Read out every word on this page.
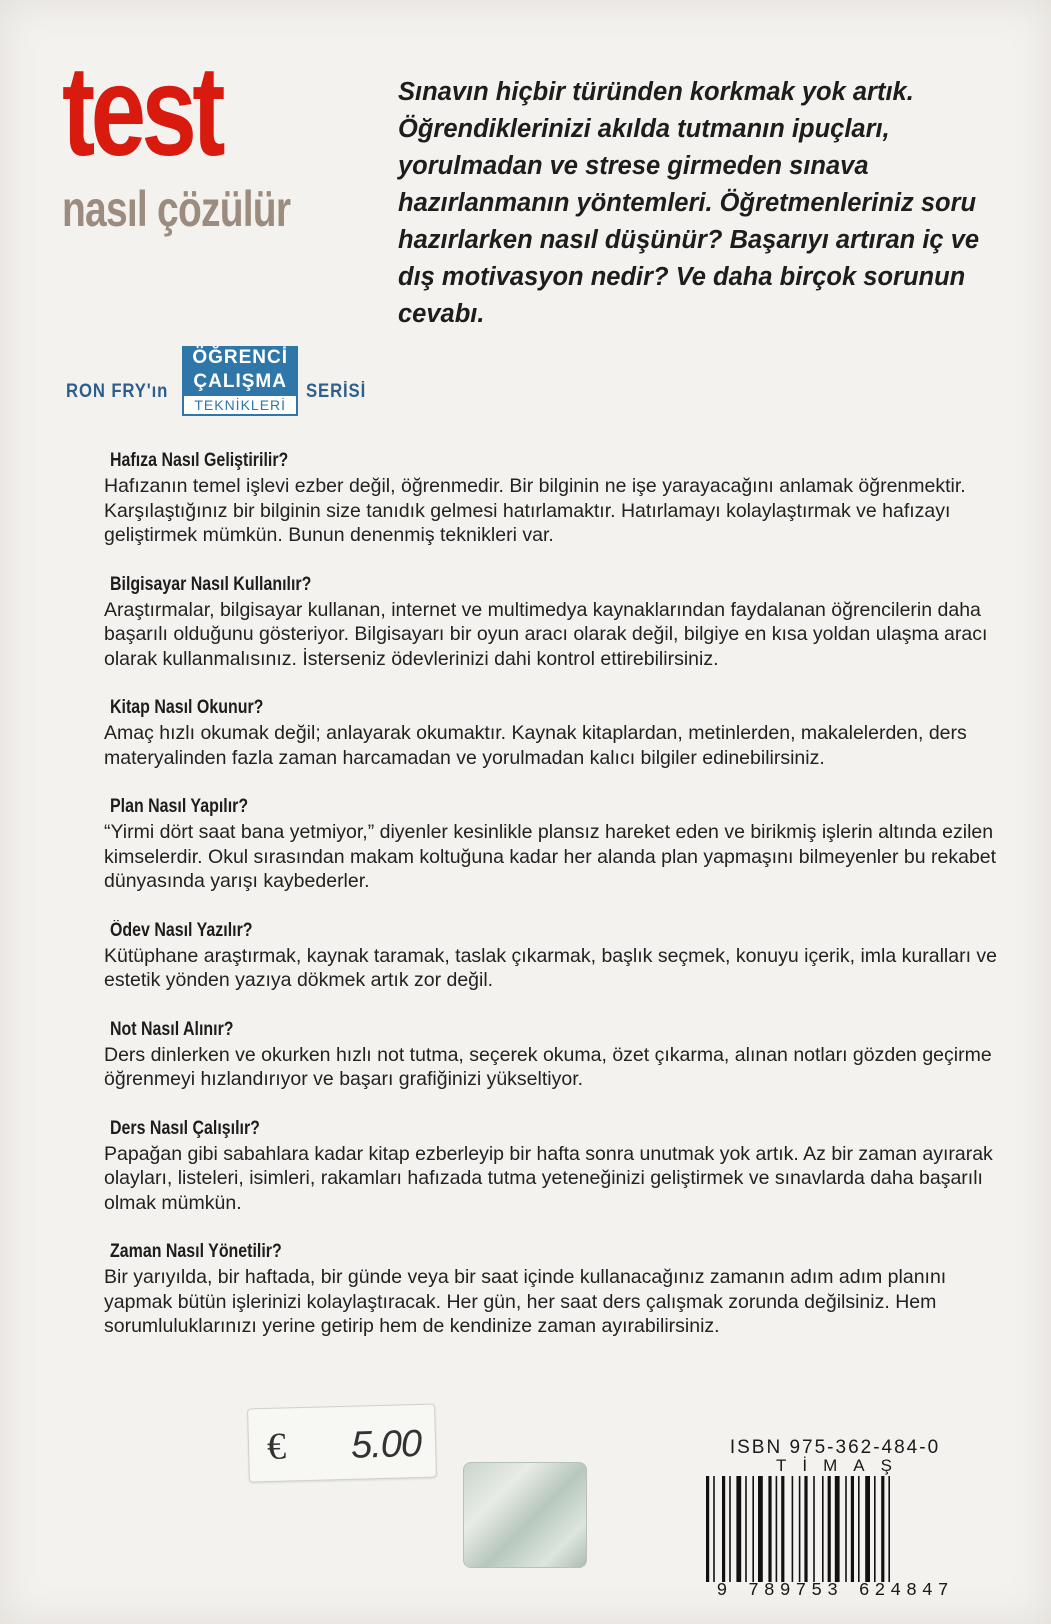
test
nasıl çözülür

Sınavın hiçbir türünden korkmak yok artık. Öğrendiklerinizi akılda tutmanın ipuçları, yorulmadan ve strese girmeden sınava hazırlanmanın yöntemleri. Öğretmenleriniz soru hazırlarken nasıl düşünür? Başarıyı artıran iç ve dış motivasyon nedir? Ve daha birçok sorunun cevabı.

RON FRY'ın
ÖĞRENCİ
ÇALIŞMA
TEKNİKLERİ
SERİSİ
Hafıza Nasıl Geliştirilir?

Hafızanın temel işlevi ezber değil, öğrenmedir. Bir bilginin ne işe yarayacağını anlamak öğrenmektir. Karşılaştığınız bir bilginin size tanıdık gelmesi hatırlamaktır. Hatırlamayı kolaylaştırmak ve hafızayı geliştirmek mümkün. Bunun denenmiş teknikleri var.

Bilgisayar Nasıl Kullanılır?

Araştırmalar, bilgisayar kullanan, internet ve multimedya kaynaklarından faydalanan öğrencilerin daha başarılı olduğunu gösteriyor. Bilgisayarı bir oyun aracı olarak değil, bilgiye en kısa yoldan ulaşma aracı olarak kullanmalısınız. İsterseniz ödevlerinizi dahi kontrol ettirebilirsiniz.

Kitap Nasıl Okunur?

Amaç hızlı okumak değil; anlayarak okumaktır. Kaynak kitaplardan, metinlerden, makalelerden, ders materyalinden fazla zaman harcamadan ve yorulmadan kalıcı bilgiler edinebilirsiniz.

Plan Nasıl Yapılır?

“Yirmi dört saat bana yetmiyor,” diyenler kesinlikle plansız hareket eden ve birikmiş işlerin altında ezilen kimselerdir. Okul sırasından makam koltuğuna kadar her alanda plan yapmaşını bilmeyenler bu rekabet dünyasında yarışı kaybederler.

Ödev Nasıl Yazılır?

Kütüphane araştırmak, kaynak taramak, taslak çıkarmak, başlık seçmek, konuyu içerik, imla kuralları ve estetik yönden yazıya dökmek artık zor değil.

Not Nasıl Alınır?

Ders dinlerken ve okurken hızlı not tutma, seçerek okuma, özet çıkarma, alınan notları gözden geçirme öğrenmeyi hızlandırıyor ve başarı grafiğinizi yükseltiyor.

Ders Nasıl Çalışılır?

Papağan gibi sabahlara kadar kitap ezberleyip bir hafta sonra unutmak yok artık. Az bir zaman ayırarak olayları, listeleri, isimleri, rakamları hafızada tutma yeteneğinizi geliştirmek ve sınavlarda daha başarılı olmak mümkün.

Zaman Nasıl Yönetilir?

Bir yarıyılda, bir haftada, bir günde veya bir saat içinde kullanacağınız zamanın adım adım planını yapmak bütün işlerinizi kolaylaştıracak. Her gün, her saat ders çalışmak zorunda değilsiniz. Hem sorumluluklarınızı yerine getirip hem de kendinize zaman ayırabilirsiniz.

€ 5.00	ISBN 975-362-484-0

TİMAŞ

9 789753 624847
